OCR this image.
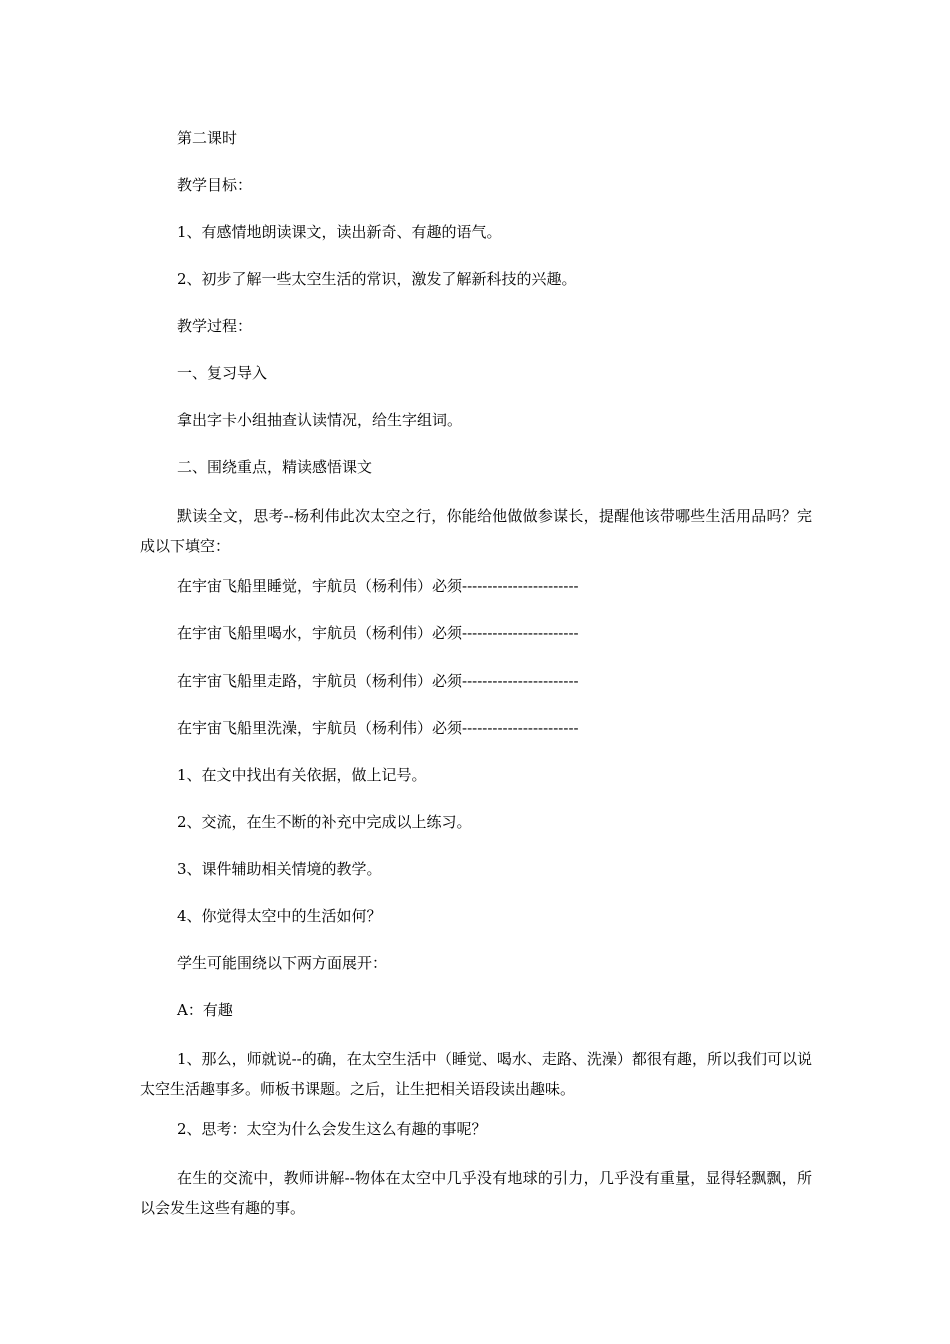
第二课时

教学目标：

1、有感情地朗读课文，读出新奇、有趣的语气。

2、初步了解一些太空生活的常识，激发了解新科技的兴趣。

教学过程：

一、复习导入

拿出字卡小组抽查认读情况，给生字组词。

二、围绕重点，精读感悟课文

默读全文，思考--杨利伟此次太空之行，你能给他做做参谋长，提醒他该带哪些生活用品吗？完成以下填空：

在宇宙飞船里睡觉，宇航员（杨利伟）必须-----------------------

在宇宙飞船里喝水，宇航员（杨利伟）必须-----------------------

在宇宙飞船里走路，宇航员（杨利伟）必须-----------------------

在宇宙飞船里洗澡，宇航员（杨利伟）必须-----------------------

1、在文中找出有关依据，做上记号。

2、交流，在生不断的补充中完成以上练习。

3、课件辅助相关情境的教学。

4、你觉得太空中的生活如何？

学生可能围绕以下两方面展开：

A：有趣

1、那么，师就说--的确，在太空生活中（睡觉、喝水、走路、洗澡）都很有趣，所以我们可以说太空生活趣事多。师板书课题。之后，让生把相关语段读出趣味。

2、思考：太空为什么会发生这么有趣的事呢？

在生的交流中，教师讲解--物体在太空中几乎没有地球的引力，几乎没有重量，显得轻飘飘，所以会发生这些有趣的事。
